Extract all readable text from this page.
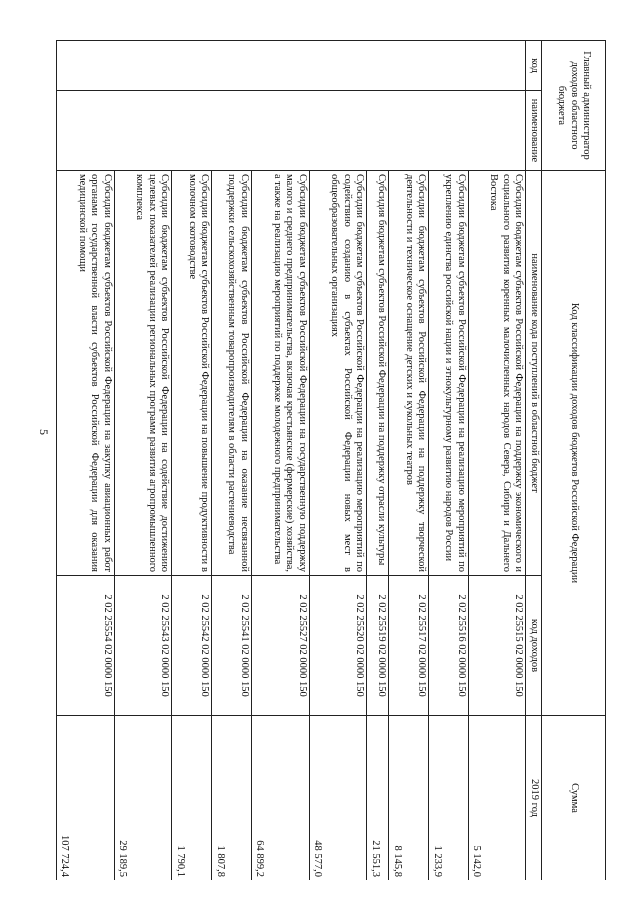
5
Главный администратор доходов областного бюджета		Код классификации доходов бюджетов Российской Федерации		Сумма
код	наименование	наименование кода поступлений в областной бюджет	код доходов	2019 год
		Субсидии бюджетам субъектов Российской Федерации на поддержку экономического и социального развития коренных малочисленных народов Севера, Сибири и Дальнего Востока	2 02 25515 02 0000 150	5 142,0
		Субсидии бюджетам субъектов Российской Федерации на реализацию мероприятий по укреплению единства российской нации и этнокультурному развитию народов России	2 02 25516 02 0000 150	1 233,9
		Субсидии бюджетам субъектов Российской Федерации на поддержку творческой деятельности и техническое оснащение детских и кукольных театров	2 02 25517 02 0000 150	8 145,8
		Субсидия бюджетам субъектов Российской Федерации на поддержку отрасли культуры	2 02 25519 02 0000 150	21 551,3
		Субсидии бюджетам субъектов Российской Федерации на реализацию мероприятий по содействию созданию в субъектах Российской Федерации новых мест в общеобразовательных организациях	2 02 25520 02 0000 150	48 577,0
		Субсидии бюджетам субъектов Российской Федерации на государственную поддержку малого и среднего предпринимательства, включая крестьянские (фермерские) хозяйства, а также на реализацию мероприятий по поддержке молодежного предпринимательства	2 02 25527 02 0000 150	64 899,2
		Субсидии бюджетам субъектов Российской Федерации на оказание несвязанной поддержки сельскохозяйственным товаропроизводителям в области растениеводства	2 02 25541 02 0000 150	1 807,8
		Субсидии бюджетам субъектов Российской Федерации на повышение продуктивности в молочном скотоводстве	2 02 25542 02 0000 150	1 790,1
		Субсидии бюджетам субъектов Российской Федерации на содействие достижению целевых показателей реализации региональных программ развития агропромышленного комплекса	2 02 25543 02 0000 150	29 189,5
		Субсидии бюджетам субъектов Российской Федерации на закупку авиационных работ органами государственной власти субъектов Российской Федерации для оказания медицинской помощи	2 02 25554 02 0000 150	107 724,4
